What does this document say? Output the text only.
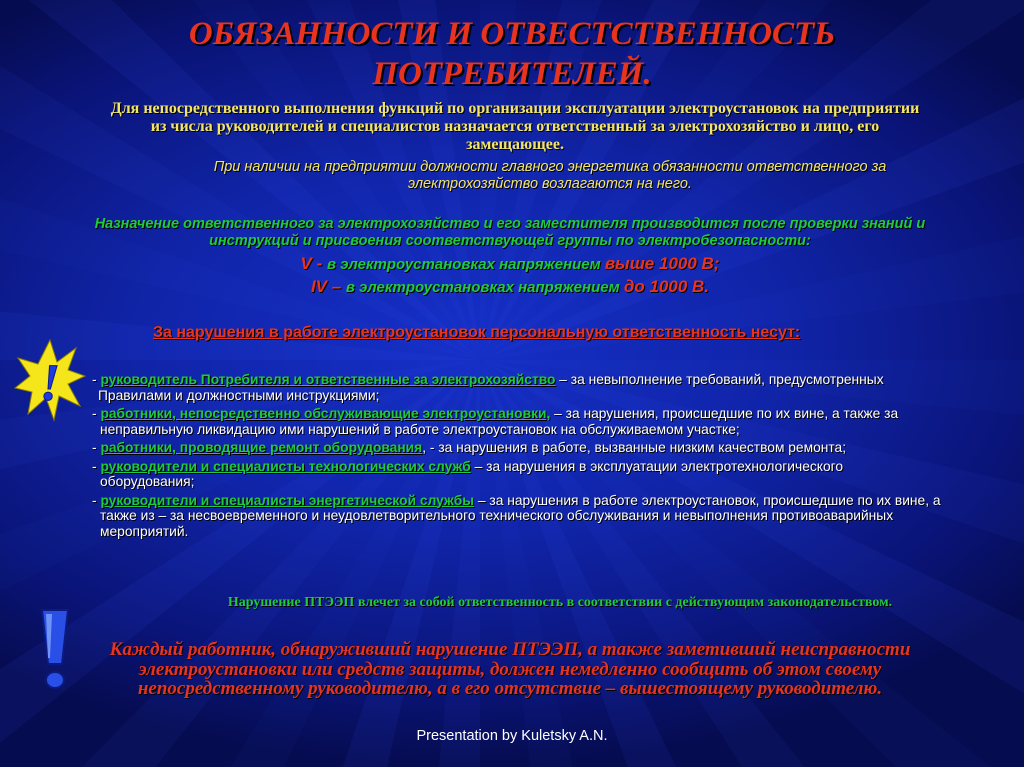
ОБЯЗАННОСТИ И ОТВЕСТСТВЕННОСТЬ
ПОТРЕБИТЕЛЕЙ.
Для непосредственного выполнения функций по организации эксплуатации электроустановок на предприятии из числа руководителей и специалистов назначается ответственный за электрохозяйство и лицо, его замещающее.
При наличии на предприятии должности главного энергетика обязанности ответственного за электрохозяйство возлагаются на него.
Назначение ответственного за электрохозяйство и его заместителя производится после проверки знаний и инструкций и присвоения соответствующей группы по электробезопасности:
V - в электроустановках напряжением выше 1000 В;
IV – в электроустановках напряжением до 1000 В.
За нарушения в работе электроустановок персональную ответственность несут:
! - руководитель Потребителя и ответственные за электрохозяйство – за невыполнение требований, предусмотренных Правилами и должностными инструкциями;
- работники, непосредственно обслуживающие электроустановки, – за нарушения, происшедшие по их вине, а также за неправильную ликвидацию ими нарушений в работе электроустановок на обслуживаемом участке;
- работники, проводящие ремонт оборудования, - за нарушения в работе, вызванные низким качеством ремонта;
- руководители и специалисты технологических служб – за нарушения в эксплуатации электротехнологического оборудования;
- руководители и специалисты энергетической службы – за нарушения в работе электроустановок, происшедшие по их вине, а также из – за несвоевременного и неудовлетворительного технического обслуживания и невыполнения противоаварийных мероприятий.
Нарушение ПТЭЭП влечет за собой ответственность в соответствии с действующим законодательством.
Каждый работник, обнаруживший нарушение ПТЭЭП, а также заметивший неисправности электроустановки или средств защиты, должен немедленно сообщить об этом своему непосредственному руководителю, а в его отсутствие – вышестоящему руководителю.
Presentation by Kuletsky A.N.
